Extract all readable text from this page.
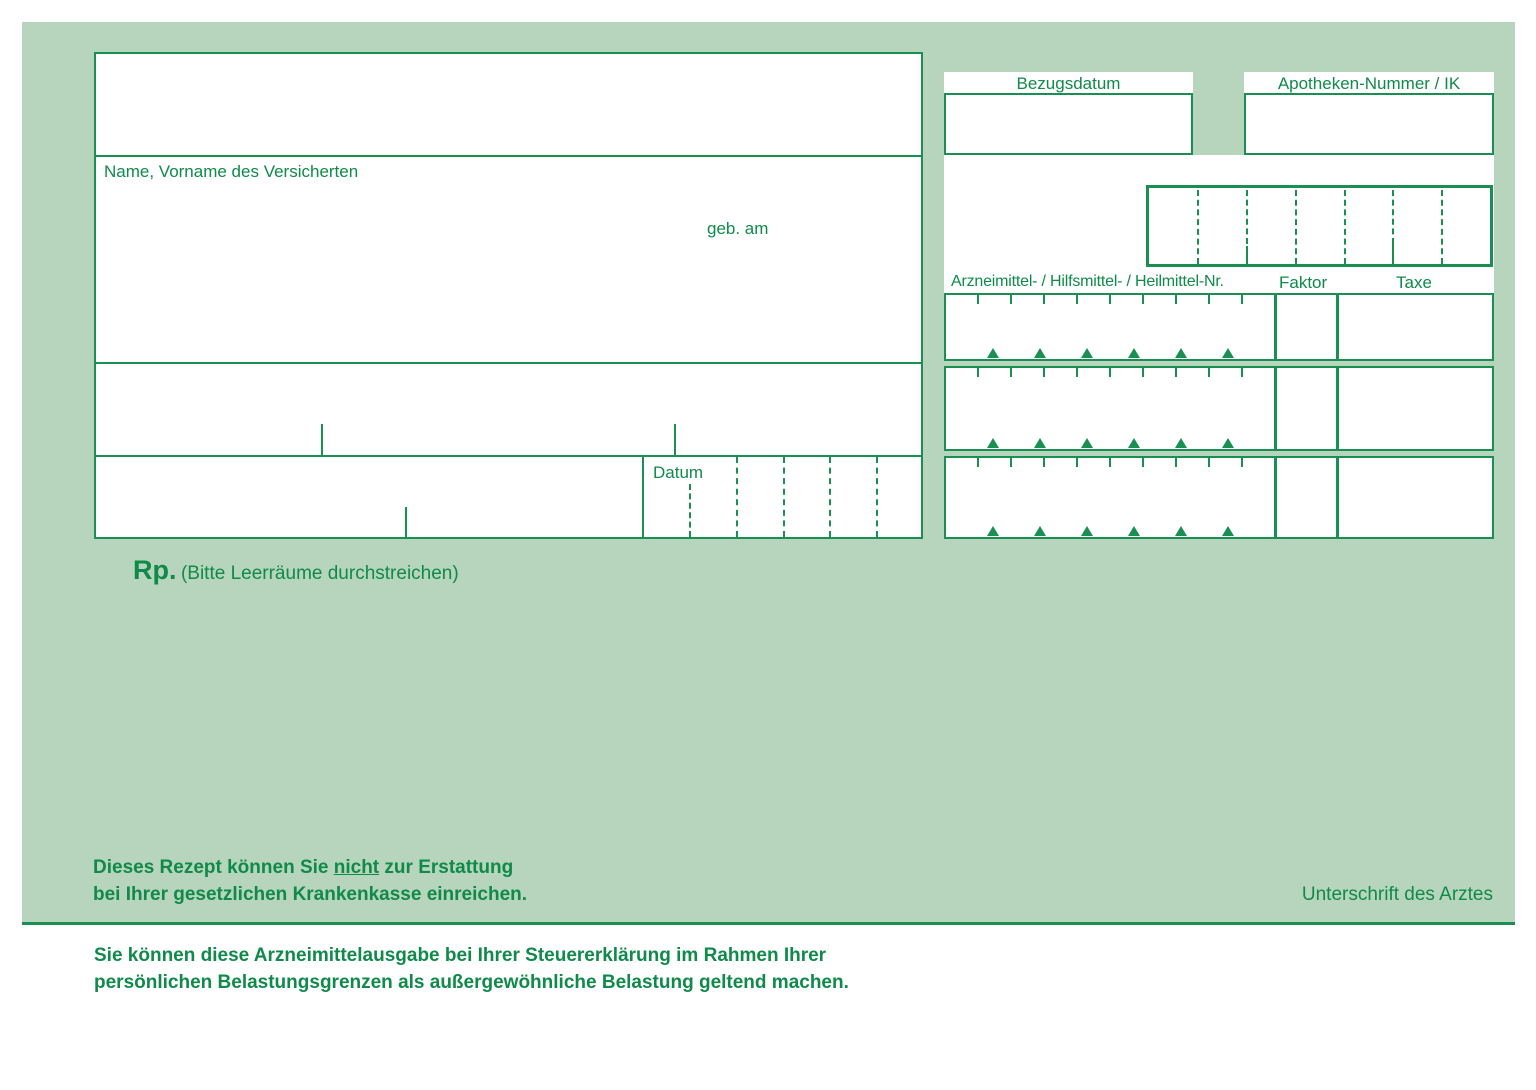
Name, Vorname des Versicherten
geb. am
Datum
Bezugsdatum	Apotheken-Nummer / IK
Arzneimittel- / Hilfsmittel- / Heilmittel-Nr.	Faktor	Taxe
Rp. (Bitte Leerräume durchstreichen)
Dieses Rezept können Sie nicht zur Erstattung
bei Ihrer gesetzlichen Krankenkasse einreichen.	Unterschrift des Arztes
Sie können diese Arzneimittelausgabe bei Ihrer Steuererklärung im Rahmen Ihrer
persönlichen Belastungsgrenzen als außergewöhnliche Belastung geltend machen.
